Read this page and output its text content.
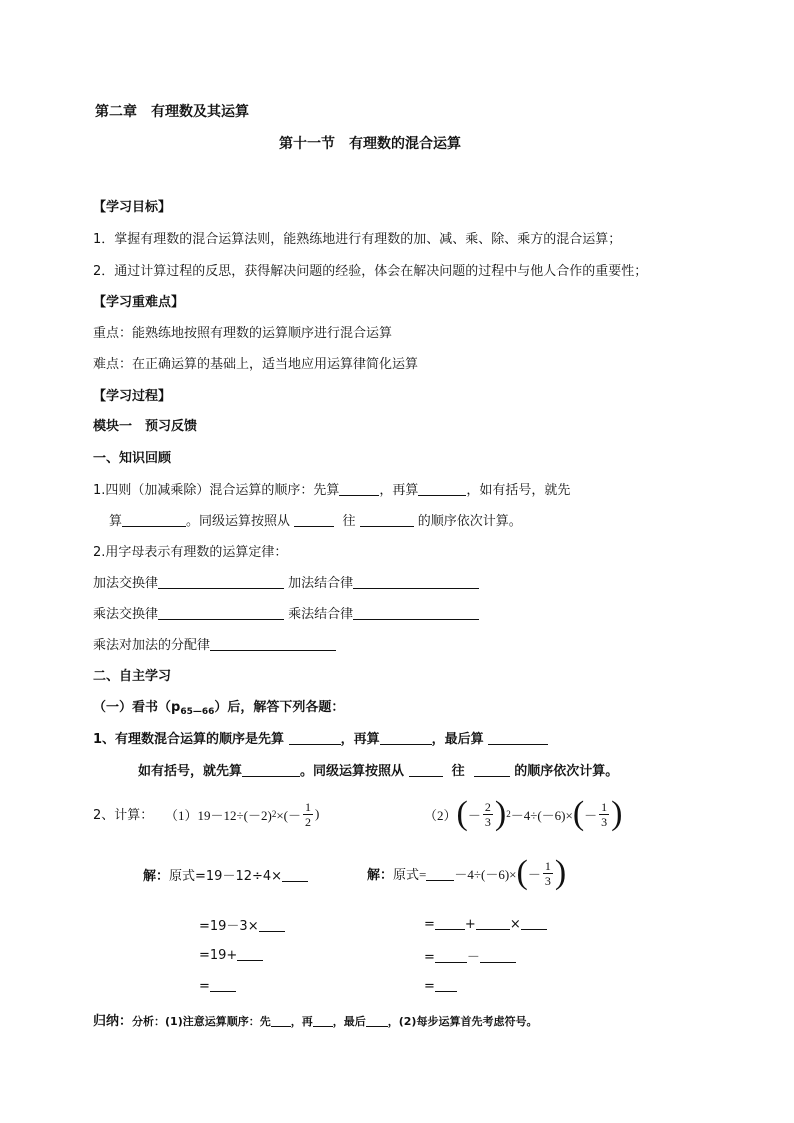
第二章　有理数及其运算
第十一节　有理数的混合运算
【学习目标】
1．掌握有理数的混合运算法则，能熟练地进行有理数的加、减、乘、除、乘方的混合运算；
2．通过计算过程的反思，获得解决问题的经验，体会在解决问题的过程中与他人合作的重要性；
【学习重难点】
重点：能熟练地按照有理数的运算顺序进行混合运算
难点：在正确运算的基础上，适当地应用运算律简化运算
【学习过程】
模块一　预习反馈
一、知识回顾
1.四则（加减乘除）混合运算的顺序：先算	，再算	，如有括号，就先
算	。同级运算按照从	往	的顺序依次计算。
2.用字母表示有理数的运算定律：
加法交换律	加法结合律
乘法交换律	乘法结合律
乘法对加法的分配律
二、自主学习
（一）看书$(p_{65—66})$后，解答下列各题：
1、有理数混合运算的顺序是先算	，再算	，最后算
如有括号，就先算	。同级运算按照从	往	的顺序依次计算。
2、计算： （1） 19－12÷(－2) 2 ×(－ $\frac{1}{2}$ )	（2） ( － $\frac{2}{3}$ ) 2 －4÷(－6)× ( － $\frac{1}{3}$ )
解：原式=19－12÷4×
=19－3×
=19+
=
解： 原式= －4÷(－6)× ( － $\frac{1}{3}$ )
= +	×
= －
=
归纳：分析：(1)注意运算顺序：先 ，再 ，最后 ，(2)每步运算首先考虑符号。
